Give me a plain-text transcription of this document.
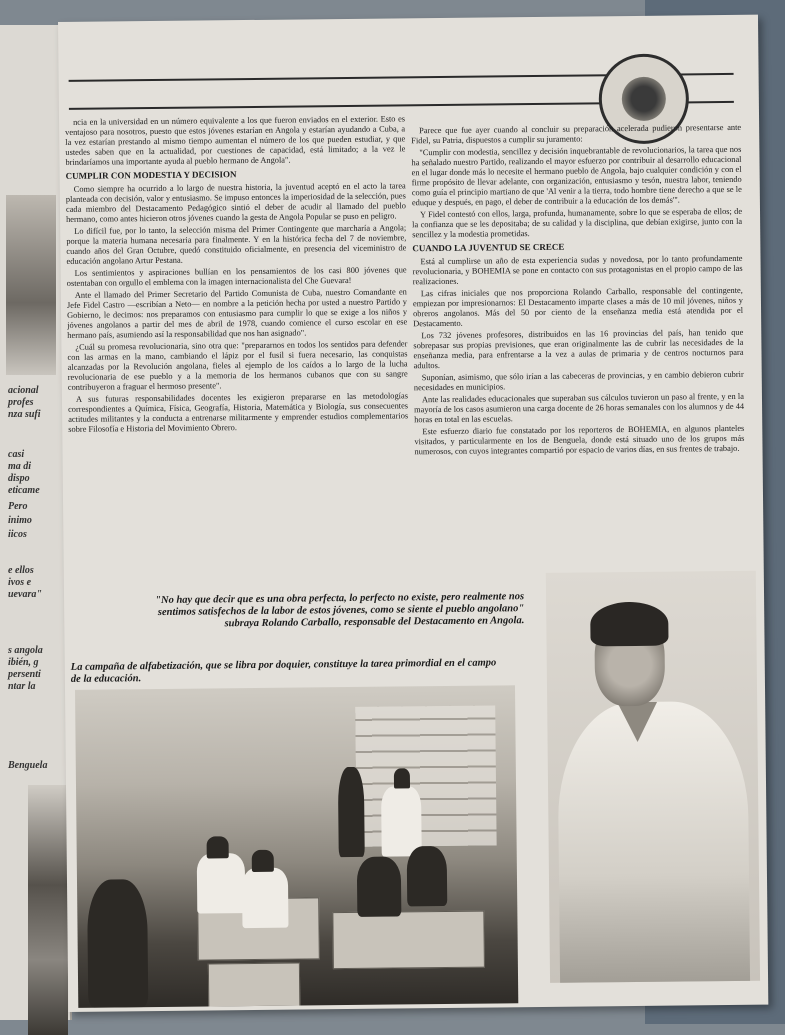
acional
profes
nza sufi
casi
ma di
dispo
eticame
Pero
inimo
iicos
e ellos
ivos e
uevara"
s angola
ibién, g
persenti
ntar la
Benguela

ncia en la universidad en un número equivalente a los que fueron enviados en el exterior. Esto es ventajoso para nosotros, puesto que estos jóvenes estarían en Angola y estarían ayudando a Cuba, a la vez estarían prestando al mismo tiempo aumentan el número de los que pueden estudiar, y que ustedes saben que en la actualidad, por cuestiones de capacidad, está limitado; a la vez le brindaríamos una importante ayuda al pueblo hermano de Angola".

CUMPLIR CON MODESTIA Y DECISION

Como siempre ha ocurrido a lo largo de nuestra historia, la juventud aceptó en el acto la tarea planteada con decisión, valor y entusiasmo. Se impuso entonces la imperiosidad de la selección, pues cada miembro del Destacamento Pedagógico sintió el deber de acudir al llamado del pueblo hermano, como antes hicieron otros jóvenes cuando la gesta de Angola Popular se puso en peligro.

Lo difícil fue, por lo tanto, la selección misma del Primer Contingente que marcharía a Angola; porque la materia humana necesaria para finalmente. Y en la histórica fecha del 7 de noviembre, cuando años del Gran Octubre, quedó constituido oficialmente, en presencia del viceministro de educación angolano Artur Pestana.

Los sentimientos y aspiraciones bullían en los pensamientos de los casi 800 jóvenes que ostentaban con orgullo el emblema con la imagen internacionalista del Che Guevara!

Ante el llamado del Primer Secretario del Partido Comunista de Cuba, nuestro Comandante en Jefe Fidel Castro —escribían a Neto— en nombre a la petición hecha por usted a nuestro Partido y Gobierno, le decimos: nos preparamos con entusiasmo para cumplir lo que se exige a los niños y jóvenes angolanos a partir del mes de abril de 1978, cuando comience el curso escolar en ese hermano país, asumiendo así la responsabilidad que nos han asignado".

¿Cuál su promesa revolucionaria, sino otra que: "prepararnos en todos los sentidos para defender con las armas en la mano, cambiando el lápiz por el fusil si fuera necesario, las conquistas alcanzadas por la Revolución angolana, fieles al ejemplo de los caídos a lo largo de la lucha revolucionaria de ese pueblo y a la memoria de los hermanos cubanos que con su sangre contribuyeron a fraguar el hermoso presente".

A sus futuras responsabilidades docentes les exigieron prepararse en las metodologías correspondientes a Química, Física, Geografía, Historia, Matemática y Biología, sus consecuentes actitudes militantes y la conducta a entrenarse militarmente y emprender estudios complementarios sobre Filosofía e Historia del Movimiento Obrero.

Parece que fue ayer cuando al concluir su preparación acelerada pudieron presentarse ante Fidel, su Patria, dispuestos a cumplir su juramento:

"Cumplir con modestia, sencillez y decisión inquebrantable de revolucionarios, la tarea que nos ha señalado nuestro Partido, realizando el mayor esfuerzo por contribuir al desarrollo educacional en el lugar donde más lo necesite el hermano pueblo de Angola, bajo cualquier condición y con el firme propósito de llevar adelante, con organización, entusiasmo y tesón, nuestra labor, teniendo como guía el principio martiano de que 'Al venir a la tierra, todo hombre tiene derecho a que se le eduque y después, en pago, el deber de contribuir a la educación de los demás'".

Y Fidel contestó con ellos, larga, profunda, humanamente, sobre lo que se esperaba de ellos; de la confianza que se les depositaba; de su calidad y la disciplina, que debían exigirse, junto con la sencillez y la modestia prometidas.

CUANDO LA JUVENTUD SE CRECE

Está al cumplirse un año de esta experiencia sudas y novedosa, por lo tanto profundamente revolucionaria, y BOHEMIA se pone en contacto con sus protagonistas en el propio campo de las realizaciones.

Las cifras iniciales que nos proporciona Rolando Carballo, responsable del contingente, empiezan por impresionarnos: El Destacamento imparte clases a más de 10 mil jóvenes, niños y obreros angolanos. Más del 50 por ciento de la enseñanza media está atendida por el Destacamento.

Los 732 jóvenes profesores, distribuidos en las 16 provincias del país, han tenido que sobrepasar sus propias previsiones, que eran originalmente las de cubrir las necesidades de la enseñanza media, para enfrentarse a la vez a aulas de primaria y de centros nocturnos para adultos.

Suponían, asimismo, que sólo irían a las cabeceras de provincias, y en cambio debieron cubrir necesidades en municipios.

Ante las realidades educacionales que superaban sus cálculos tuvieron un paso al frente, y en la mayoría de los casos asumieron una carga docente de 26 horas semanales con los alumnos y de 44 horas en total en las escuelas.

Este esfuerzo diario fue constatado por los reporteros de BOHEMIA, en algunos planteles visitados, y particularmente en los de Benguela, donde está situado uno de los grupos más numerosos, con cuyos integrantes compartió por espacio de varios días, en sus frentes de trabajo.

"No hay que decir que es una obra perfecta, lo perfecto no existe, pero realmente nos sentimos satisfechos de la labor de estos jóvenes, como se siente el pueblo angolano" subraya Rolando Carballo, responsable del Destacamento en Angola.
La campaña de alfabetización, que se libra por doquier, constituye la tarea primordial en el campo de la educación.
